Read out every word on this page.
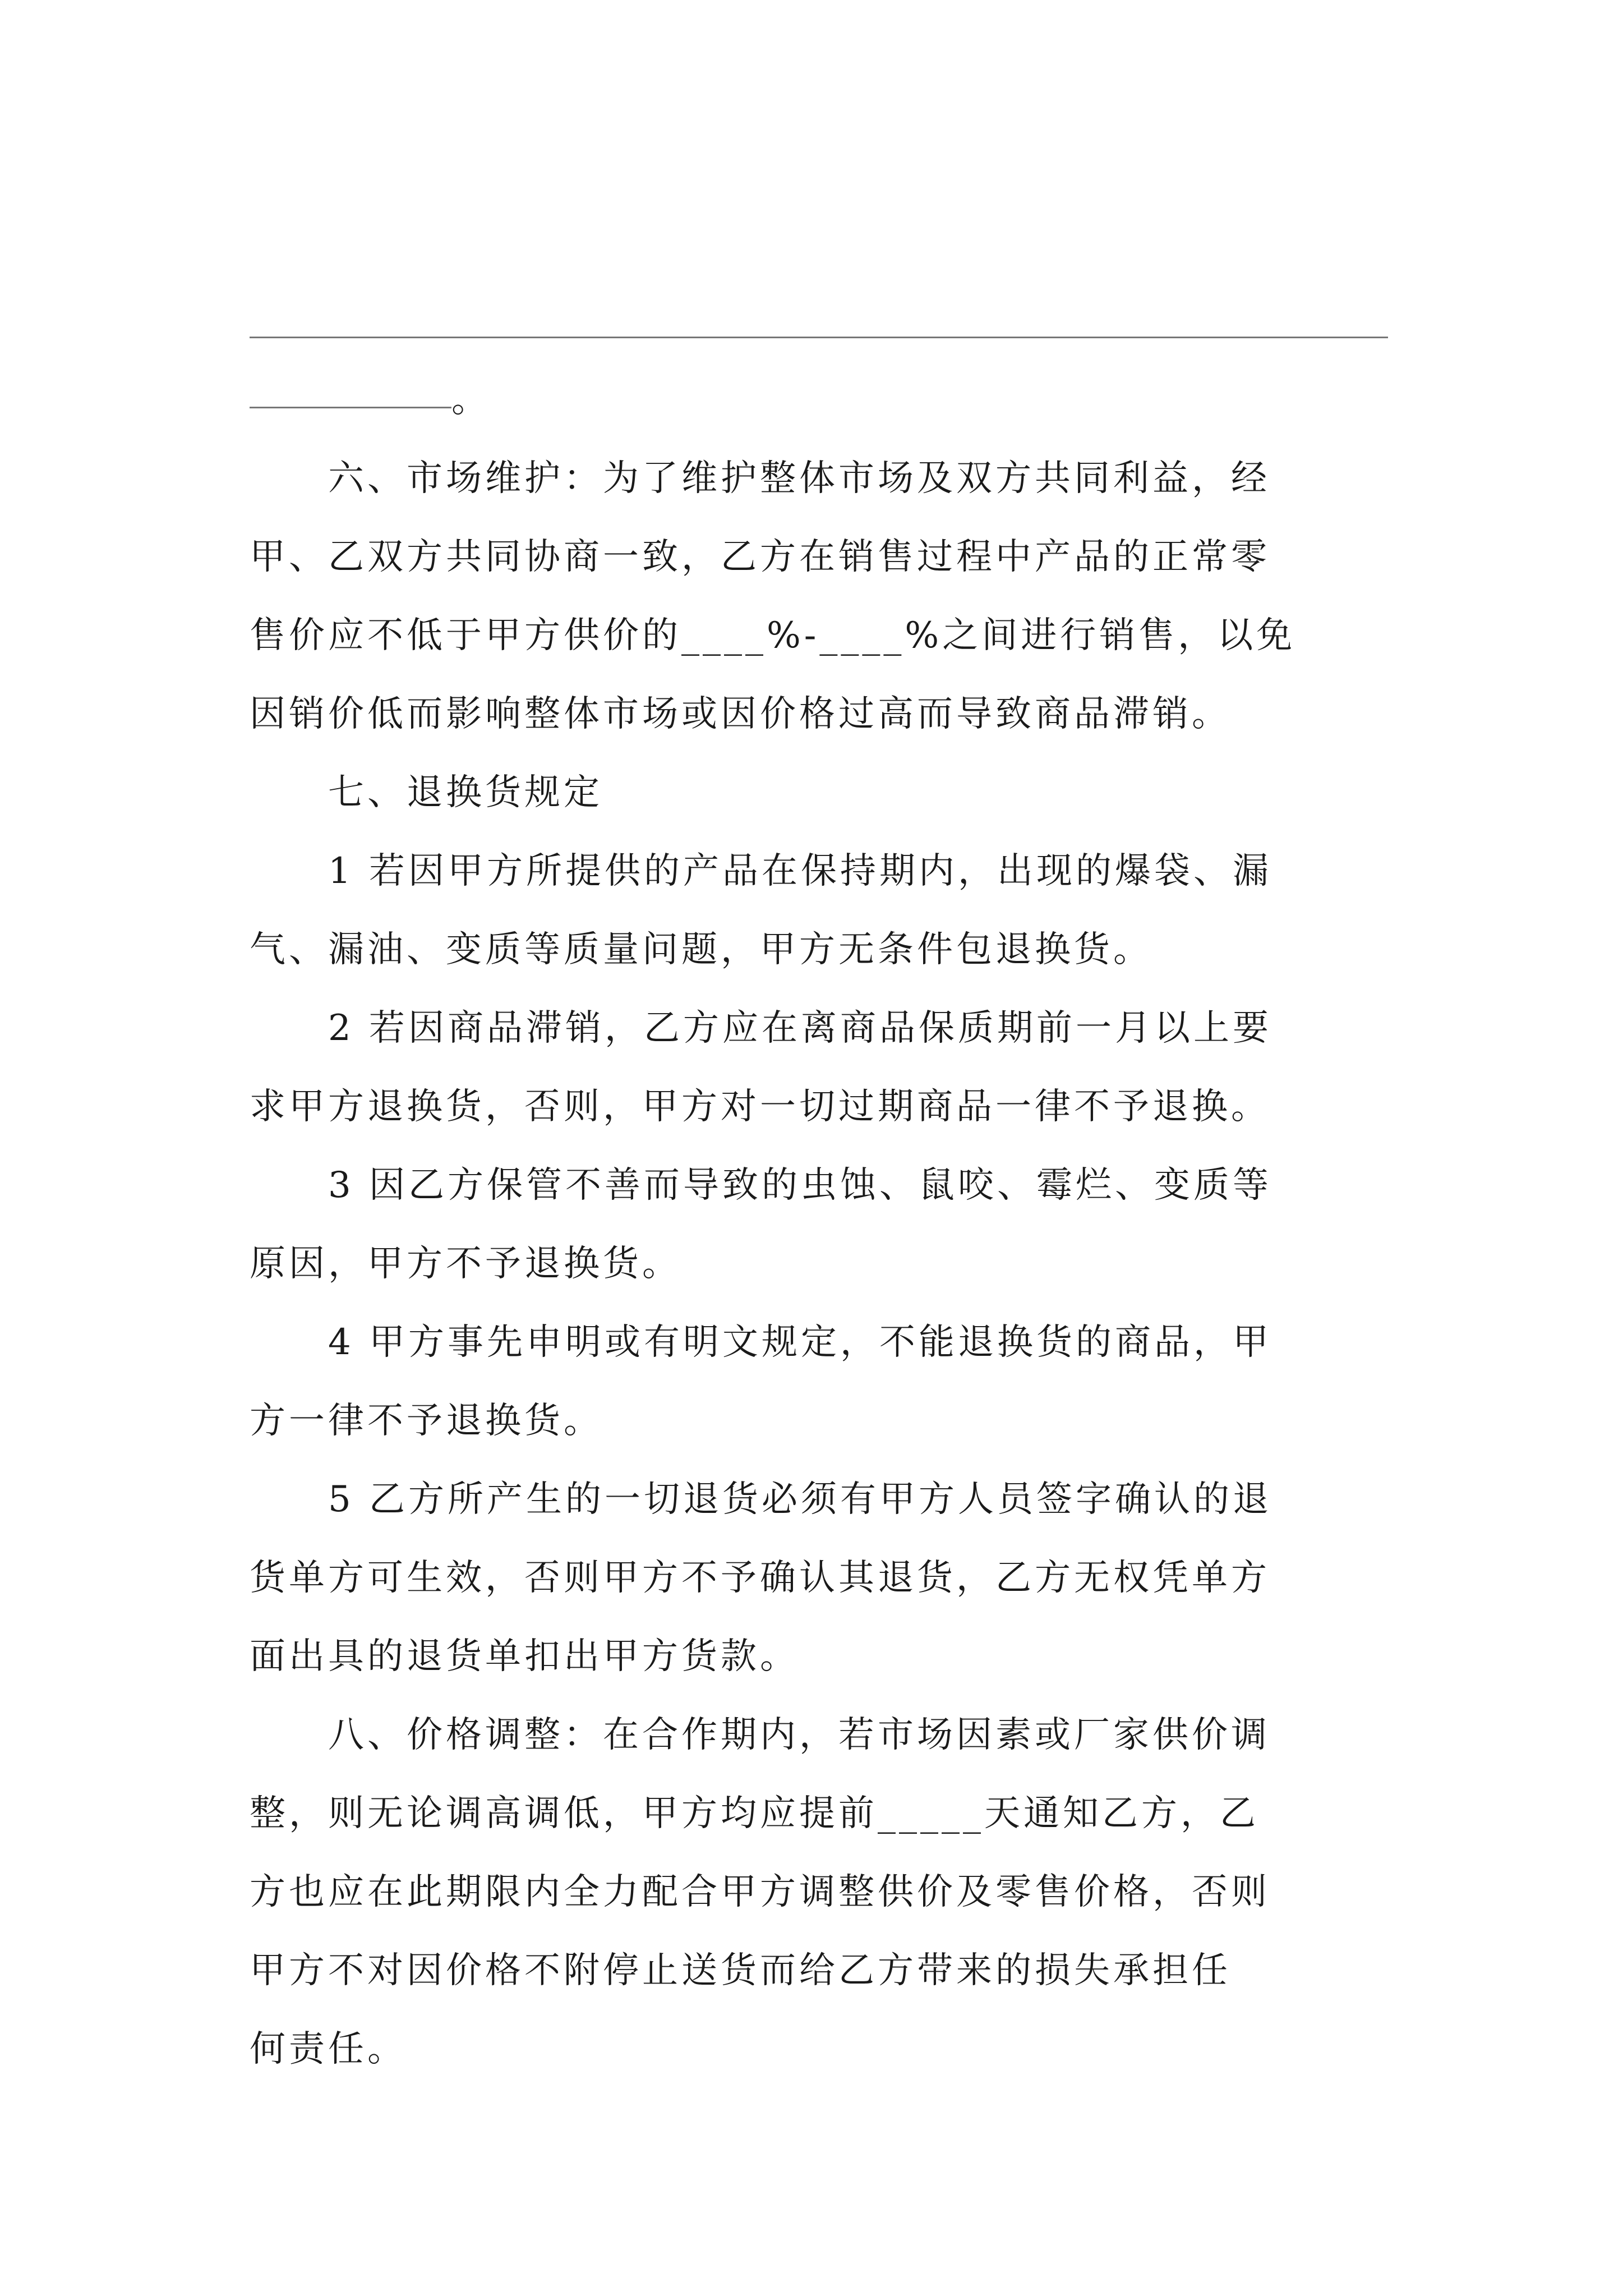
。

　　六、市场维护：为了维护整体市场及双方共同利益，经

甲、乙双方共同协商一致，乙方在销售过程中产品的正常零

售价应不低于甲方供价的____%-____%之间进行销售，以免

因销价低而影响整体市场或因价格过高而导致商品滞销。

　　七、退换货规定

　　1 若因甲方所提供的产品在保持期内，出现的爆袋、漏

气、漏油、变质等质量问题，甲方无条件包退换货。

　　2 若因商品滞销，乙方应在离商品保质期前一月以上要

求甲方退换货，否则，甲方对一切过期商品一律不予退换。

　　3 因乙方保管不善而导致的虫蚀、鼠咬、霉烂、变质等

原因，甲方不予退换货。

　　4 甲方事先申明或有明文规定，不能退换货的商品，甲

方一律不予退换货。

　　5 乙方所产生的一切退货必须有甲方人员签字确认的退

货单方可生效，否则甲方不予确认其退货，乙方无权凭单方

面出具的退货单扣出甲方货款。

　　八、价格调整：在合作期内，若市场因素或厂家供价调

整，则无论调高调低，甲方均应提前_____天通知乙方，乙

方也应在此期限内全力配合甲方调整供价及零售价格，否则

甲方不对因价格不附停止送货而给乙方带来的损失承担任

何责任。
